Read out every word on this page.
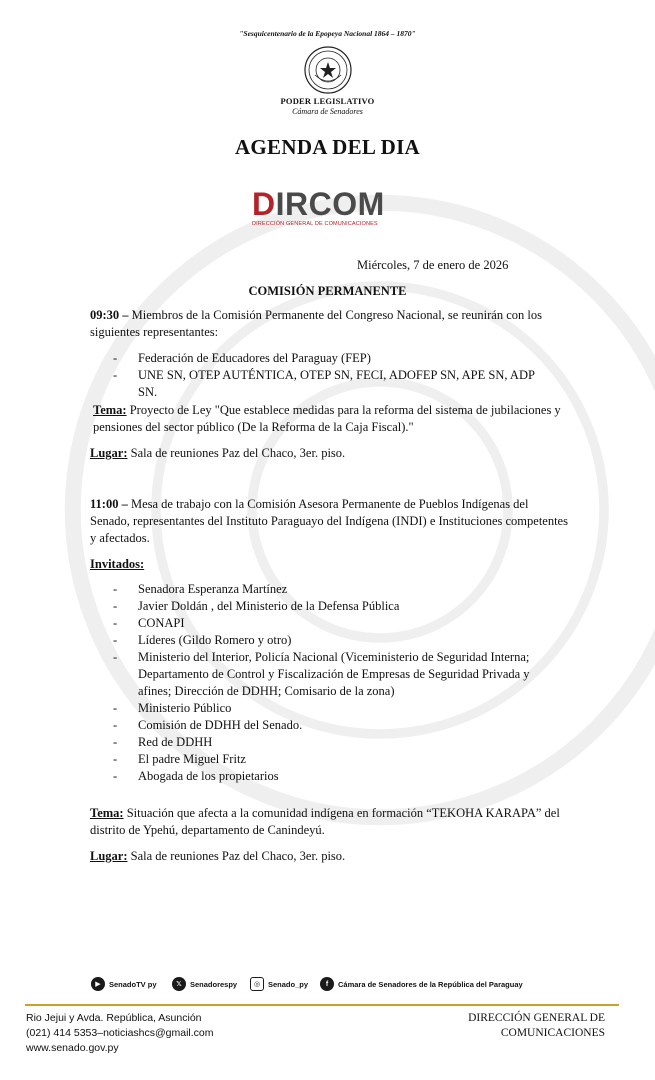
"Sesquicentenario de la Epopeya Nacional 1864 – 1870"
PODER LEGISLATIVO
Cámara de Senadores
AGENDA DEL DIA
DIRCOM
DIRECCIÓN GENERAL DE COMUNICACIONES
Miércoles, 7 de enero de 2026
COMISIÓN PERMANENTE
09:30 – Miembros de la Comisión Permanente del Congreso Nacional, se reunirán con los siguientes representantes:
- Federación de Educadores del Paraguay (FEP)
- UNE SN, OTEP AUTÉNTICA, OTEP SN, FECI, ADOFEP SN, APE SN, ADP SN.
Tema: Proyecto de Ley "Que establece medidas para la reforma del sistema de jubilaciones y pensiones del sector público (De la Reforma de la Caja Fiscal)."
Lugar: Sala de reuniones Paz del Chaco, 3er. piso.
11:00 – Mesa de trabajo con la Comisión Asesora Permanente de Pueblos Indígenas del Senado, representantes del Instituto Paraguayo del Indígena (INDI) e Instituciones competentes y afectados.
Invitados:
- Senadora Esperanza Martínez
- Javier Doldán , del Ministerio de la Defensa Pública
- CONAPI
- Líderes (Gildo Romero y otro)
- Ministerio del Interior, Policía Nacional (Viceministerio de Seguridad Interna; Departamento de Control y Fiscalización de Empresas de Seguridad Privada y afines; Dirección de DDHH; Comisario de la zona)
- Ministerio Público
- Comisión de DDHH del Senado.
- Red de DDHH
- El padre Miguel Fritz
- Abogada de los propietarios
Tema: Situación que afecta a la comunidad indígena en formación “TEKOHA KARAPA” del distrito de Ypehú, departamento de Canindeyú.
Lugar: Sala de reuniones Paz del Chaco, 3er. piso.
▶	SenadoTV py	𝕏	Senadorespy	◎	Senado_py	f	Cámara de Senadores de la República del Paraguay
Rio Jejui y Avda. República, Asunción
(021) 414 5353–noticiashcs@gmail.com
www.senado.gov.py
DIRECCIÓN GENERAL DE
COMUNICACIONES
